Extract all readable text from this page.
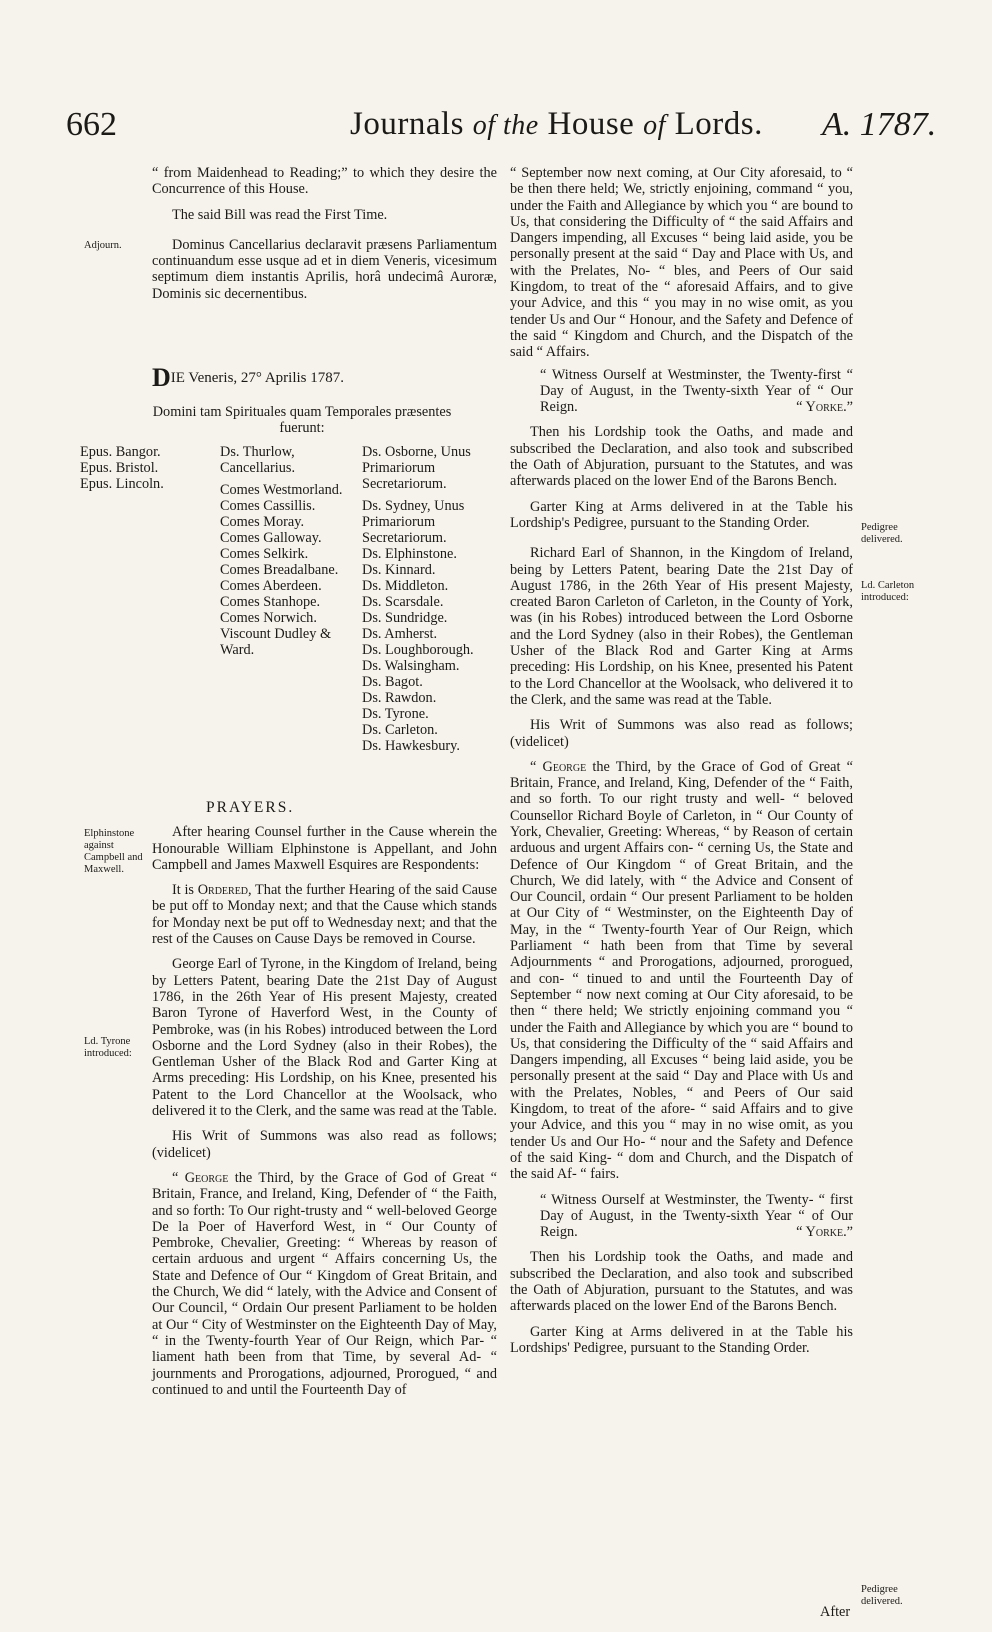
662	Journals of the House of Lords. A. 1787.
Adjourn.
Elphinstone against Campbell and Maxwell.
Ld. Tyrone introduced:
Pedigree delivered.
Ld. Carleton introduced:
Pedigree delivered.

“ from Maidenhead to Reading;” to which they desire the Concurrence of this House.

The said Bill was read the First Time.

Dominus Cancellarius declaravit præsens Parliamentum continuandum esse usque ad et in diem Veneris, vicesimum septimum diem instantis Aprilis, horâ undecimâ Auroræ, Dominis sic decernentibus.

DIE Veneris, 27° Aprilis 1787.
Domini tam Spirituales quam Temporales præsentes fuerunt:
Epus. Bangor.
Epus. Bristol.
Epus. Lincoln.
Ds. Thurlow, Cancellarius.
Comes Westmorland.
Comes Cassillis.
Comes Moray.
Comes Galloway.
Comes Selkirk.
Comes Breadalbane.
Comes Aberdeen.
Comes Stanhope.
Comes Norwich.
Viscount Dudley & Ward.
Ds. Osborne, Unus Primariorum Secretariorum.
Ds. Sydney, Unus Primariorum Secretariorum.
Ds. Elphinstone.
Ds. Kinnard.
Ds. Middleton.
Ds. Scarsdale.
Ds. Sundridge.
Ds. Amherst.
Ds. Loughborough.
Ds. Walsingham.
Ds. Bagot.
Ds. Rawdon.
Ds. Tyrone.
Ds. Carleton.
Ds. Hawkesbury.

PRAYERS.

After hearing Counsel further in the Cause wherein the Honourable William Elphinstone is Appellant, and John Campbell and James Maxwell Esquires are Respondents:

It is Ordered, That the further Hearing of the said Cause be put off to Monday next; and that the Cause which stands for Monday next be put off to Wednesday next; and that the rest of the Causes on Cause Days be removed in Course.

George Earl of Tyrone, in the Kingdom of Ireland, being by Letters Patent, bearing Date the 21st Day of August 1786, in the 26th Year of His present Majesty, created Baron Tyrone of Haverford West, in the County of Pembroke, was (in his Robes) introduced between the Lord Osborne and the Lord Sydney (also in their Robes), the Gentleman Usher of the Black Rod and Garter King at Arms preceding: His Lordship, on his Knee, presented his Patent to the Lord Chancellor at the Woolsack, who delivered it to the Clerk, and the same was read at the Table.

His Writ of Summons was also read as follows; (videlicet)

“ George the Third, by the Grace of God of Great “ Britain, France, and Ireland, King, Defender of “ the Faith, and so forth: To Our right-trusty and “ well-beloved George De la Poer of Haverford West, in “ Our County of Pembroke, Chevalier, Greeting: “ Whereas by reason of certain arduous and urgent “ Affairs concerning Us, the State and Defence of Our “ Kingdom of Great Britain, and the Church, We did “ lately, with the Advice and Consent of Our Council, “ Ordain Our present Parliament to be holden at Our “ City of Westminster on the Eighteenth Day of May, “ in the Twenty-fourth Year of Our Reign, which Par- “ liament hath been from that Time, by several Ad- “ journments and Prorogations, adjourned, Prorogued, “ and continued to and until the Fourteenth Day of

“ September now next coming, at Our City aforesaid, to “ be then there held; We, strictly enjoining, command “ you, under the Faith and Allegiance by which you “ are bound to Us, that considering the Difficulty of “ the said Affairs and Dangers impending, all Excuses “ being laid aside, you be personally present at the said “ Day and Place with Us, and with the Prelates, No- “ bles, and Peers of Our said Kingdom, to treat of the “ aforesaid Affairs, and to give your Advice, and this “ you may in no wise omit, as you tender Us and Our “ Honour, and the Safety and Defence of the said “ Kingdom and Church, and the Dispatch of the said “ Affairs.

“ Witness Ourself at Westminster, the Twenty-first “ Day of August, in the Twenty-sixth Year of “ Our Reign.	“ Yorke.”

Then his Lordship took the Oaths, and made and subscribed the Declaration, and also took and subscribed the Oath of Abjuration, pursuant to the Statutes, and was afterwards placed on the lower End of the Barons Bench.

Garter King at Arms delivered in at the Table his Lordship's Pedigree, pursuant to the Standing Order.

Richard Earl of Shannon, in the Kingdom of Ireland, being by Letters Patent, bearing Date the 21st Day of August 1786, in the 26th Year of His present Majesty, created Baron Carleton of Carleton, in the County of York, was (in his Robes) introduced between the Lord Osborne and the Lord Sydney (also in their Robes), the Gentleman Usher of the Black Rod and Garter King at Arms preceding: His Lordship, on his Knee, presented his Patent to the Lord Chancellor at the Woolsack, who delivered it to the Clerk, and the same was read at the Table.

His Writ of Summons was also read as follows; (videlicet)

“ George the Third, by the Grace of God of Great “ Britain, France, and Ireland, King, Defender of the “ Faith, and so forth. To our right trusty and well- “ beloved Counsellor Richard Boyle of Carleton, in “ Our County of York, Chevalier, Greeting: Whereas, “ by Reason of certain arduous and urgent Affairs con- “ cerning Us, the State and Defence of Our Kingdom “ of Great Britain, and the Church, We did lately, with “ the Advice and Consent of Our Council, ordain “ Our present Parliament to be holden at Our City of “ Westminster, on the Eighteenth Day of May, in the “ Twenty-fourth Year of Our Reign, which Parliament “ hath been from that Time by several Adjournments “ and Prorogations, adjourned, prorogued, and con- “ tinued to and until the Fourteenth Day of September “ now next coming at Our City aforesaid, to be then “ there held; We strictly enjoining command you “ under the Faith and Allegiance by which you are “ bound to Us, that considering the Difficulty of the “ said Affairs and Dangers impending, all Excuses “ being laid aside, you be personally present at the said “ Day and Place with Us and with the Prelates, Nobles, “ and Peers of Our said Kingdom, to treat of the afore- “ said Affairs and to give your Advice, and this you “ may in no wise omit, as you tender Us and Our Ho- “ nour and the Safety and Defence of the said King- “ dom and Church, and the Dispatch of the said Af- “ fairs.

“ Witness Ourself at Westminster, the Twenty- “ first Day of August, in the Twenty-sixth Year “ of Our Reign.	“ Yorke.”

Then his Lordship took the Oaths, and made and subscribed the Declaration, and also took and subscribed the Oath of Abjuration, pursuant to the Statutes, and was afterwards placed on the lower End of the Barons Bench.

Garter King at Arms delivered in at the Table his Lordships' Pedigree, pursuant to the Standing Order.

After
